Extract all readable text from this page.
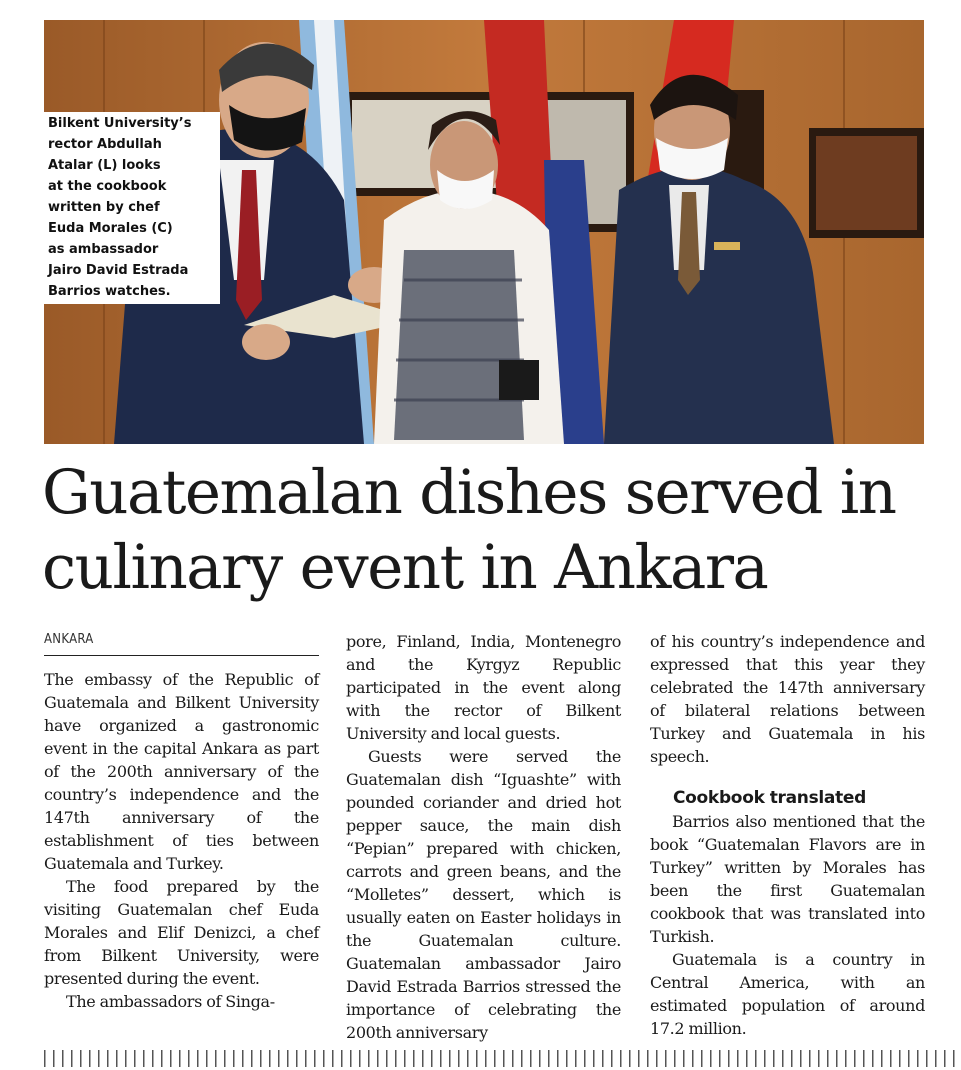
Bilkent University’s
rector Abdullah
Atalar (L) looks
at the cookbook
written by chef
Euda Morales (C)
as ambassador
Jairo David Estrada
Barrios watches.

Guatemalan dishes served in
culinary event in Ankara
ANKARA

The embassy of the Republic of Guatemala and Bilkent University have organized a gastronomic event in the capital Ankara as part of the 200th anniversary of the country’s independence and the 147th anniversary of the establishment of ties between Guatemala and Turkey.

The food prepared by the visiting Guatemalan chef Euda Morales and Elif Denizci, a chef from Bilkent University, were presented during the event.

The ambassadors of Singa-

pore, Finland, India, Montenegro and the Kyrgyz Republic participated in the event along with the rector of Bilkent University and local guests.

Guests were served the Guatemalan dish “Iguashte” with pounded coriander and dried hot pepper sauce, the main dish “Pepian” prepared with chicken, carrots and green beans, and the “Molletes” dessert, which is usually eaten on Easter holidays in the Guatemalan culture. Guatemalan ambassador Jairo David Estrada Barrios stressed the importance of celebrating the 200th anniversary

of his country’s independence and expressed that this year they celebrated the 147th anniversary of bilateral relations between Turkey and Guatemala in his speech.

Cookbook translated

Barrios also mentioned that the book “Guatemalan Flavors are in Turkey” written by Morales has been the first Guatemalan cookbook that was translated into Turkish.

Guatemala is a country in Central America, with an estimated population of around 17.2 million.
